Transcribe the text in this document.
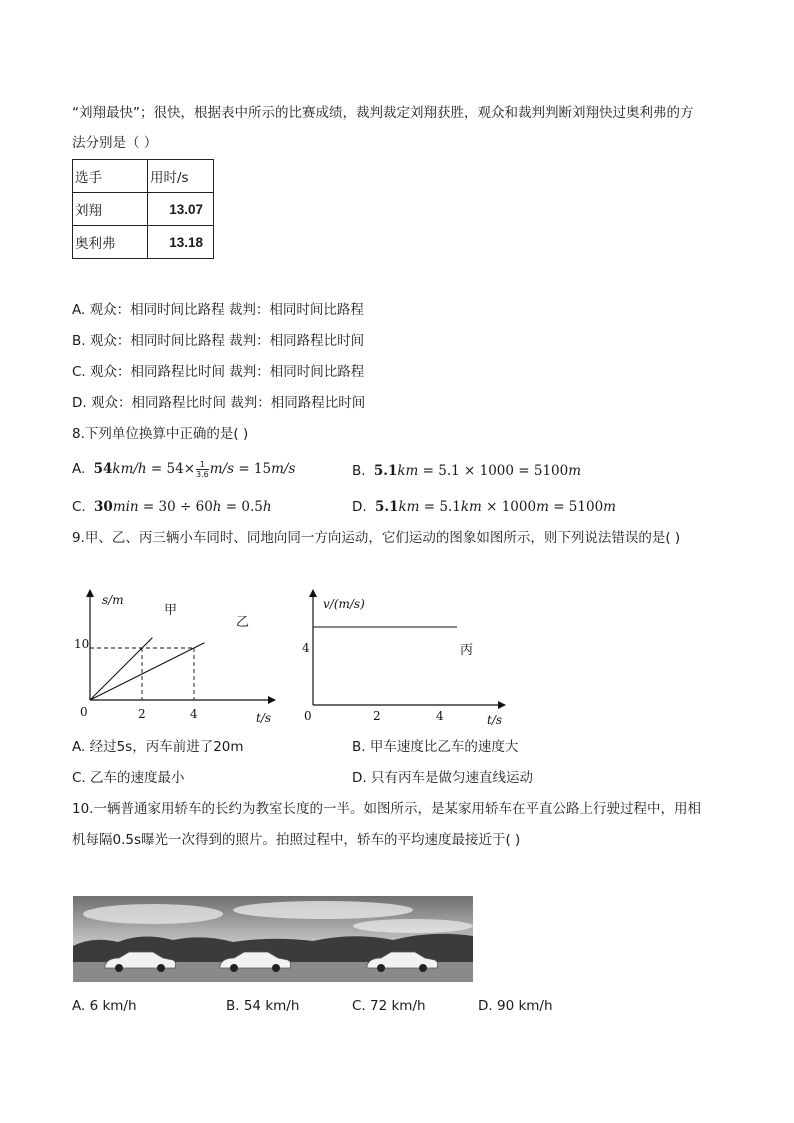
“刘翔最快”；很快，根据表中所示的比赛成绩，裁判裁定刘翔获胜，观众和裁判判断刘翔快过奥利弗的方
法分别是（ ）
选手	用时/s
刘翔	13.07
奥利弗	13.18
A. 观众：相同时间比路程 裁判：相同时间比路程
B. 观众：相同时间比路程 裁判：相同路程比时间
C. 观众：相同路程比时间 裁判：相同时间比路程
D. 观众：相同路程比时间 裁判：相同路程比时间
8.下列单位换算中正确的是( )
A. $54km/h = 54\times \frac{1}{3.6} m/s = 15m/s$	B. 5.1km = 5.1 × 1000 = 5100m
C. 30min = 30 ÷ 60h = 0.5h	D. 5.1km = 5.1km × 1000m = 5100m
9.甲、乙、丙三辆小车同时、同地向同一方向运动，它们运动的图象如图所示，则下列说法错误的是( )
s/m
t/s
0	2	4
10
甲
乙
v/(m/s)
t/s
0	2	4
4	丙
A. 经过5s，丙车前进了20m	B. 甲车速度比乙车的速度大
C. 乙车的速度最小	D. 只有丙车是做匀速直线运动
10.一辆普通家用轿车的长约为教室长度的一半。如图所示，是某家用轿车在平直公路上行驶过程中，用相
机每隔0.5s曝光一次得到的照片。拍照过程中，轿车的平均速度最接近于( )
A. 6 km/h	B. 54 km/h	C. 72 km/h	D. 90 km/h
